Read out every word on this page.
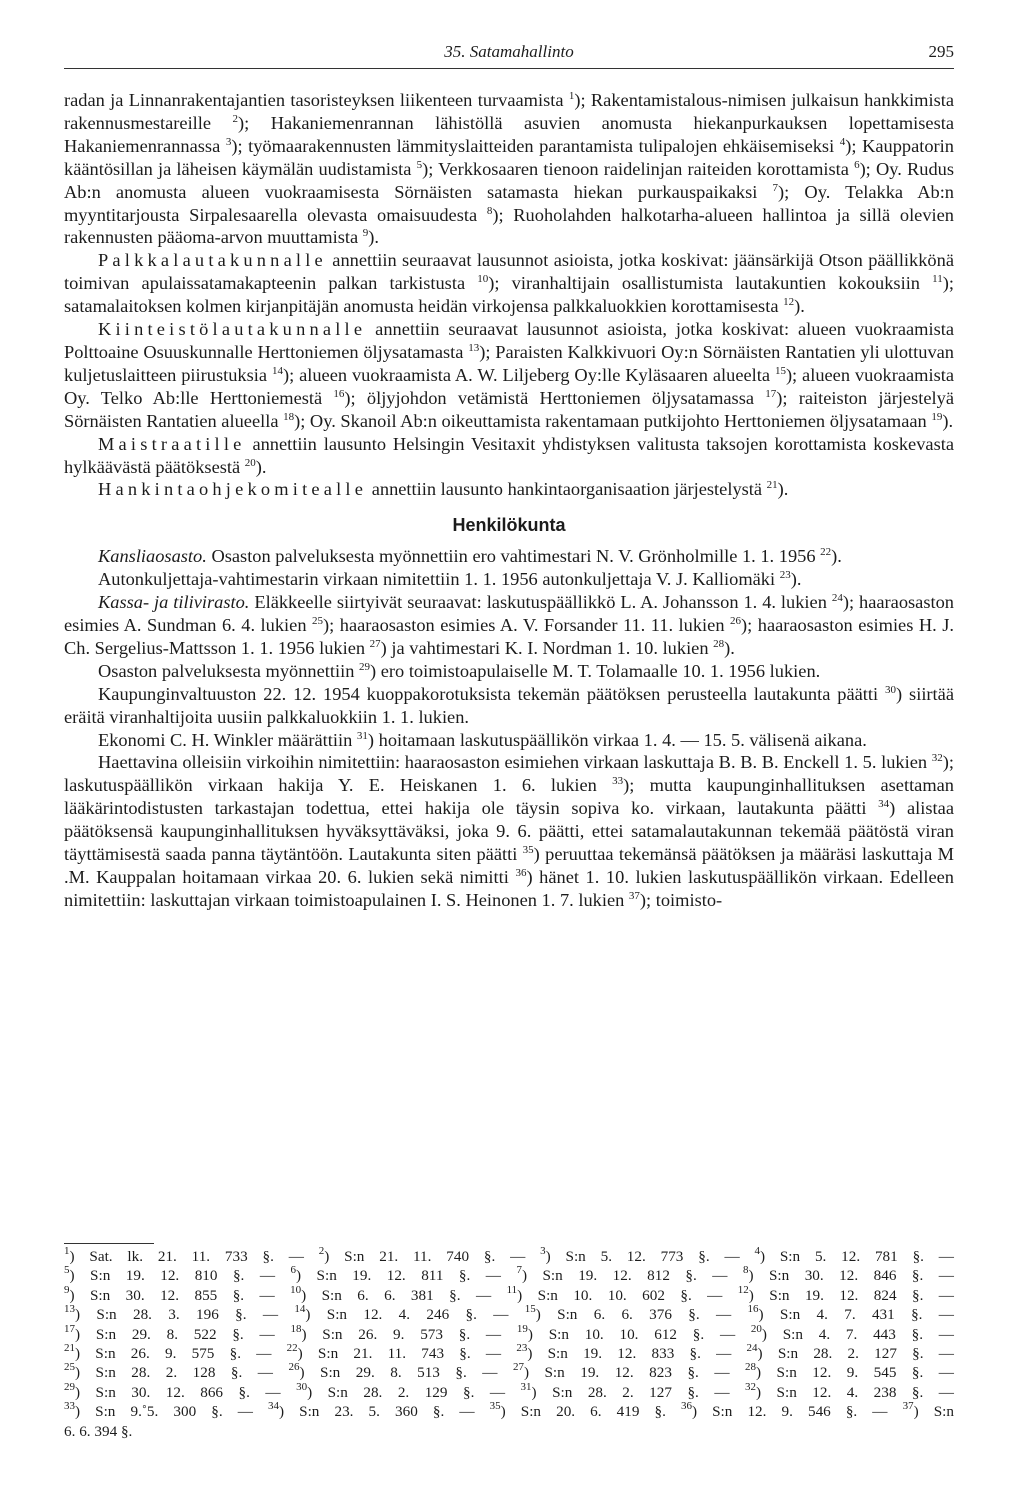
35. Satamahallinto	295

radan ja Linnanrakentajantien tasoristeyksen liikenteen turvaamista $^1$); Rakentamistalous-nimisen julkaisun hankkimista rakennusmestareille $^2$); Hakaniemenrannan lähistöllä asuvien anomusta hiekanpurkauksen lopettamisesta Hakaniemenrannassa $^3$); työmaarakennusten lämmityslaitteiden parantamista tulipalojen ehkäisemiseksi $^4$); Kauppatorin kääntösillan ja läheisen käymälän uudistamista $^5$); Verkkosaaren tienoon raidelinjan raiteiden korottamista $^6$); Oy. Rudus Ab:n anomusta alueen vuokraamisesta Sörnäisten satamasta hiekan purkauspaikaksi $^7$); Oy. Telakka Ab:n myyntitarjousta Sirpalesaarella olevasta omaisuudesta $^8$); Ruoholahden halkotarha-alueen hallintoa ja sillä olevien rakennusten pääoma-arvon muuttamista $^9$).

Palkkalautakunnalle annettiin seuraavat lausunnot asioista, jotka koskivat: jäänsärkijä Otson päällikkönä toimivan apulaissatamakapteenin palkan tarkistusta $^{10}$); viranhaltijain osallistumista lautakuntien kokouksiin $^{11}$); satamalaitoksen kolmen kirjanpitäjän anomusta heidän virkojensa palkkaluokkien korottamisesta $^{12}$).

Kiinteistölautakunnalle annettiin seuraavat lausunnot asioista, jotka koskivat: alueen vuokraamista Polttoaine Osuuskunnalle Herttoniemen öljysatamasta $^{13}$); Paraisten Kalkkivuori Oy:n Sörnäisten Rantatien yli ulottuvan kuljetuslaitteen piirustuksia $^{14}$); alueen vuokraamista A. W. Liljeberg Oy:lle Kyläsaaren alueelta $^{15}$); alueen vuokraamista Oy. Telko Ab:lle Herttoniemestä $^{16}$); öljyjohdon vetämistä Herttoniemen öljysatamassa $^{17}$); raiteiston järjestelyä Sörnäisten Rantatien alueella $^{18}$); Oy. Skanoil Ab:n oikeuttamista rakentamaan putkijohto Herttoniemen öljysatamaan $^{19}$).

Maistraatille annettiin lausunto Helsingin Vesitaxit yhdistyksen valitusta taksojen korottamista koskevasta hylkäävästä päätöksestä $^{20}$).

Hankintaohjekomitealle annettiin lausunto hankintaorganisaation järjestelystä $^{21}$).

Henkilökunta

Kansliaosasto. Osaston palveluksesta myönnettiin ero vahtimestari N. V. Grönholmille 1. 1. 1956 $^{22}$).

Autonkuljettaja-vahtimestarin virkaan nimitettiin 1. 1. 1956 autonkuljettaja V. J. Kalliomäki $^{23}$).

Kassa- ja tilivirasto. Eläkkeelle siirtyivät seuraavat: laskutuspäällikkö L. A. Johansson 1. 4. lukien $^{24}$); haaraosaston esimies A. Sundman 6. 4. lukien $^{25}$); haaraosaston esimies A. V. Forsander 11. 11. lukien $^{26}$); haaraosaston esimies H. J. Ch. Sergelius-Mattsson 1. 1. 1956 lukien $^{27}$) ja vahtimestari K. I. Nordman 1. 10. lukien $^{28}$).

Osaston palveluksesta myönnettiin $^{29}$) ero toimistoapulaiselle M. T. Tolamaalle 10. 1. 1956 lukien.

Kaupunginvaltuuston 22. 12. 1954 kuoppakorotuksista tekemän päätöksen perusteella lautakunta päätti $^{30}$) siirtää eräitä viranhaltijoita uusiin palkkaluokkiin 1. 1. lukien.

Ekonomi C. H. Winkler määrättiin $^{31}$) hoitamaan laskutuspäällikön virkaa 1. 4. — 15. 5. välisenä aikana.

Haettavina olleisiin virkoihin nimitettiin: haaraosaston esimiehen virkaan laskuttaja B. B. B. Enckell 1. 5. lukien $^{32}$); laskutuspäällikön virkaan hakija Y. E. Heiskanen 1. 6. lukien $^{33}$); mutta kaupunginhallituksen asettaman lääkärintodistusten tarkastajan todettua, ettei hakija ole täysin sopiva ko. virkaan, lautakunta päätti $^{34}$) alistaa päätöksensä kaupunginhallituksen hyväksyttäväksi, joka 9. 6. päätti, ettei satamalautakunnan tekemää päätöstä viran täyttämisestä saada panna täytäntöön. Lautakunta siten päätti $^{35}$) peruuttaa tekemänsä päätöksen ja määräsi laskuttaja M .M. Kauppalan hoitamaan virkaa 20. 6. lukien sekä nimitti $^{36}$) hänet 1. 10. lukien laskutuspäällikön virkaan. Edelleen nimitettiin: laskuttajan virkaan toimistoapulainen I. S. Heinonen 1. 7. lukien $^{37}$); toimisto-

$^1$) Sat. lk. 21. 11. 733 §. — $^2$) S:n 21. 11. 740 §. — $^3$) S:n 5. 12. 773 §. — $^4$) S:n 5. 12. 781 §. —
$^5$) S:n 19. 12. 810 §. — $^6$) S:n 19. 12. 811 §. — $^7$) S:n 19. 12. 812 §. — $^8$) S:n 30. 12. 846 §. —
$^9$) S:n 30. 12. 855 §. — $^{10}$) S:n 6. 6. 381 §. — $^{11}$) S:n 10. 10. 602 §. — $^{12}$) S:n 19. 12. 824 §. —
$^{13}$) S:n 28. 3. 196 §. — $^{14}$) S:n 12. 4. 246 §. — $^{15}$) S:n 6. 6. 376 §. — $^{16}$) S:n 4. 7. 431 §. —
$^{17}$) S:n 29. 8. 522 §. — $^{18}$) S:n 26. 9. 573 §. — $^{19}$) S:n 10. 10. 612 §. — $^{20}$) S:n 4. 7. 443 §. —
$^{21}$) S:n 26. 9. 575 §. — $^{22}$) S:n 21. 11. 743 §. — $^{23}$) S:n 19. 12. 833 §. — $^{24}$) S:n 28. 2. 127 §. —
$^{25}$) S:n 28. 2. 128 §. — $^{26}$) S:n 29. 8. 513 §. — $^{27}$) S:n 19. 12. 823 §. — $^{28}$) S:n 12. 9. 545 §. —
$^{29}$) S:n 30. 12. 866 §. — $^{30}$) S:n 28. 2. 129 §. — $^{31}$) S:n 28. 2. 127 §. — $^{32}$) S:n 12. 4. 238 §. —
$^{33}$) S:n 9.˚5. 300 §. — $^{34}$) S:n 23. 5. 360 §. — $^{35}$) S:n 20. 6. 419 §. $^{36}$) S:n 12. 9. 546 §. — $^{37}$) S:n
6. 6. 394 §.
